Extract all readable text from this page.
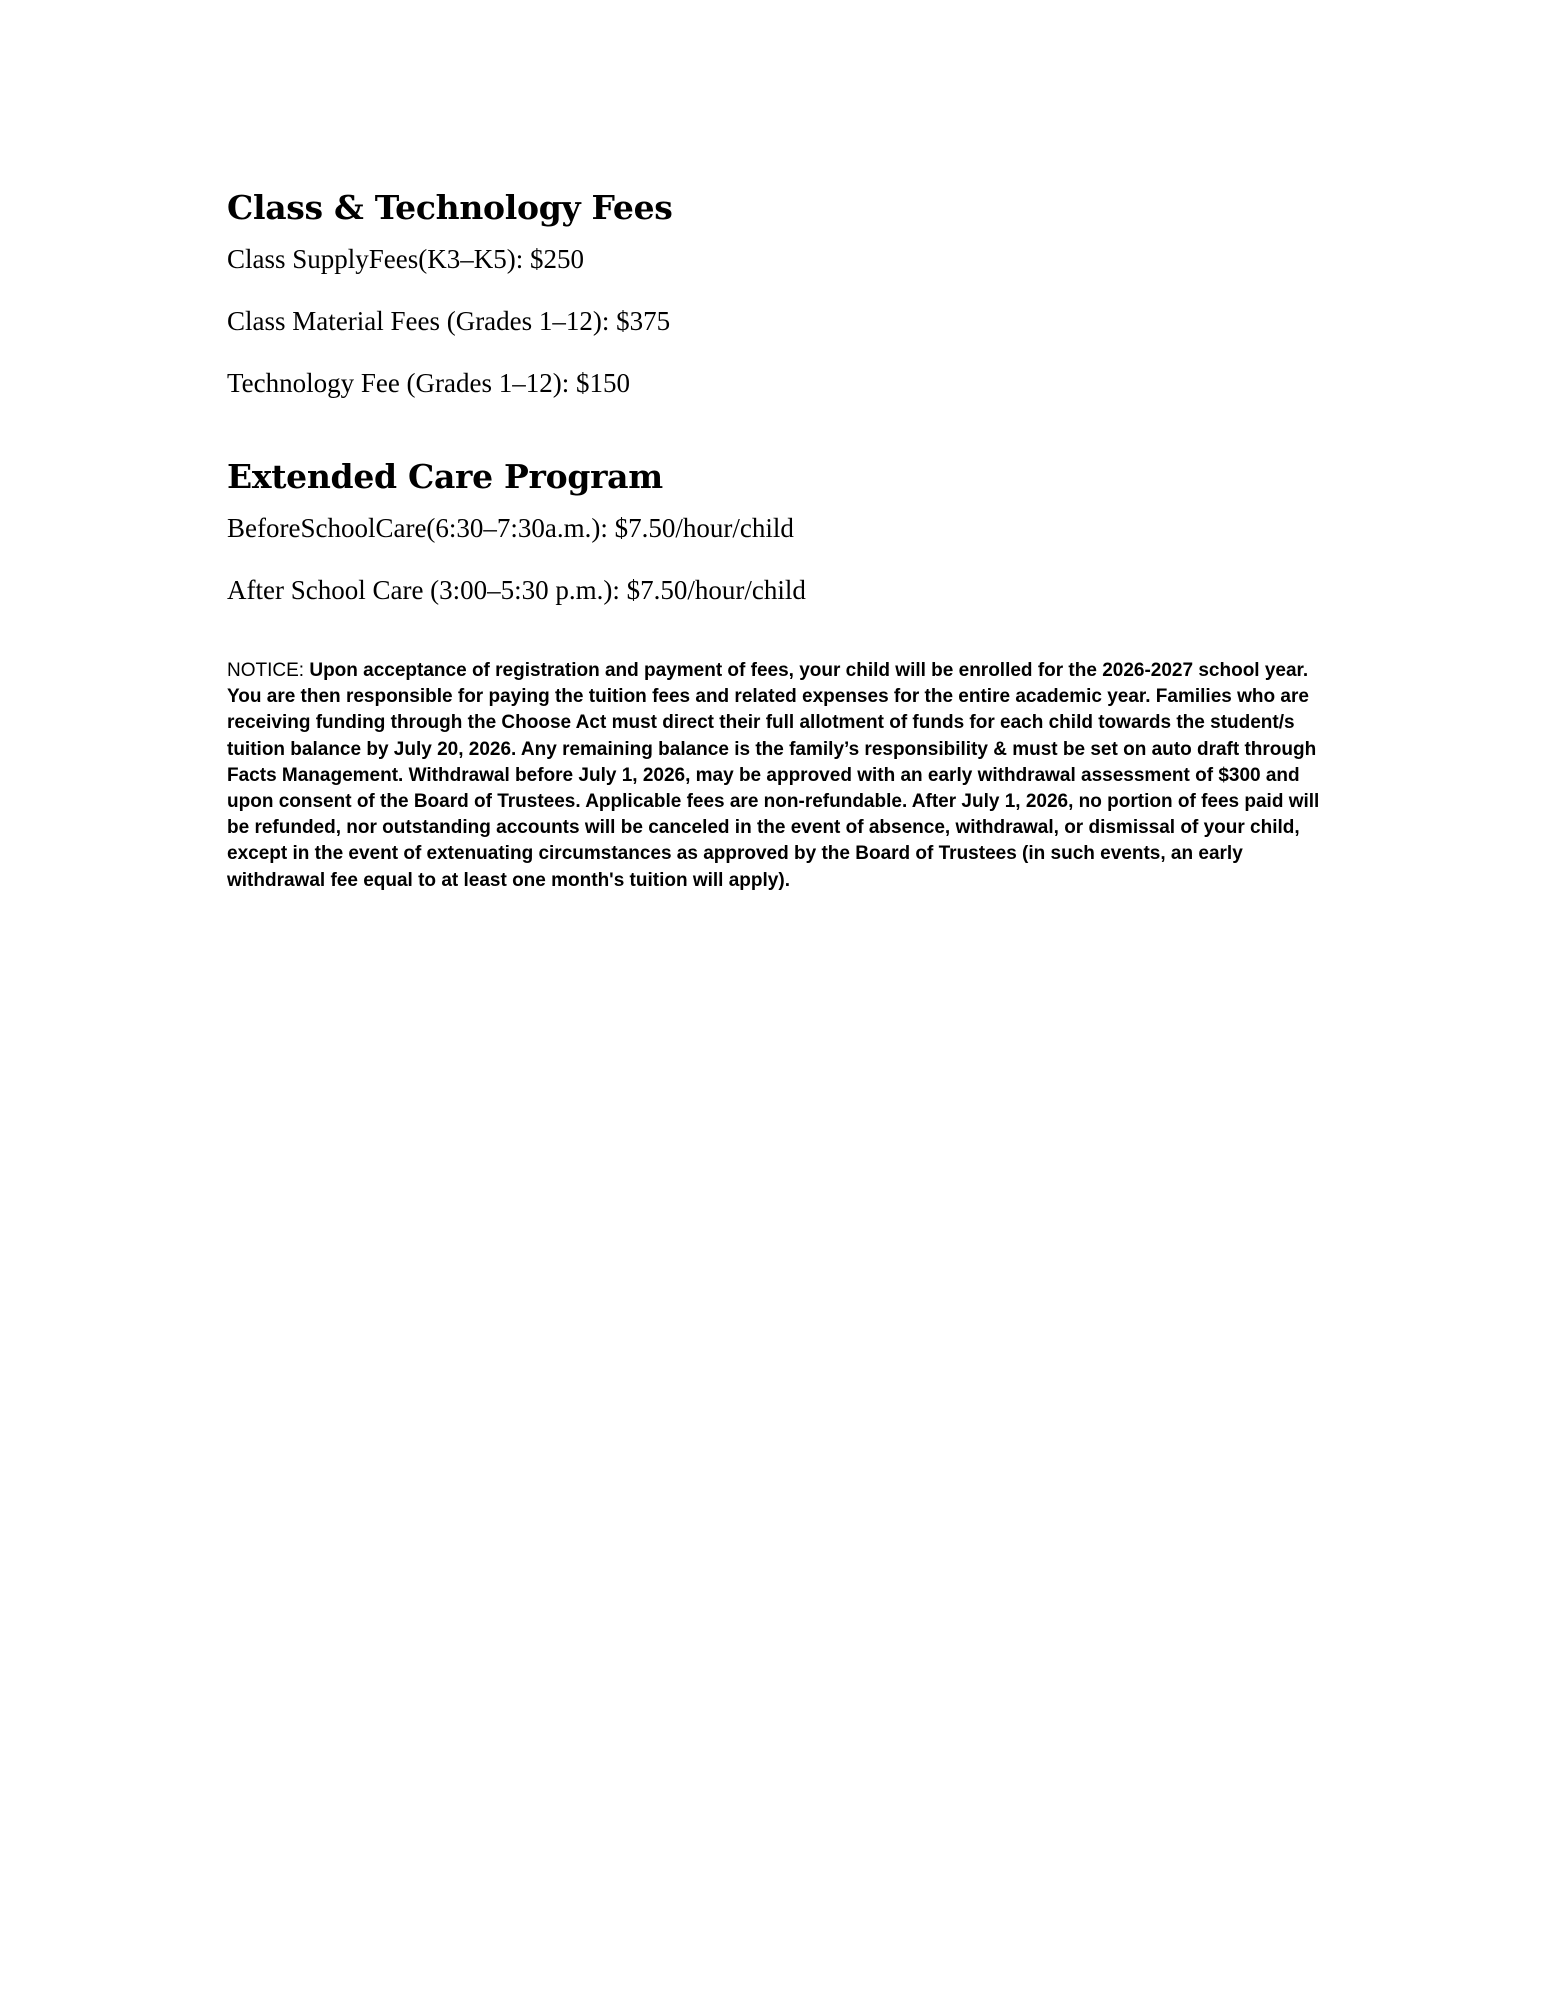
Class & Technology Fees

Class SupplyFees(K3–K5): $250

Class Material Fees (Grades 1–12): $375

Technology Fee (Grades 1–12): $150

Extended Care Program

BeforeSchoolCare(6:30–7:30a.m.): $7.50/hour/child

After School Care (3:00–5:30 p.m.): $7.50/hour/child

NOTICE: Upon acceptance of registration and payment of fees, your child will be enrolled for the 2026-2027 school year. You are then responsible for paying the tuition fees and related expenses for the entire academic year. Families who are receiving funding through the Choose Act must direct their full allotment of funds for each child towards the student/s tuition balance by July 20, 2026. Any remaining balance is the family’s responsibility & must be set on auto draft through Facts Management. Withdrawal before July 1, 2026, may be approved with an early withdrawal assessment of $300 and upon consent of the Board of Trustees. Applicable fees are non-refundable. After July 1, 2026, no portion of fees paid will be refunded, nor outstanding accounts will be canceled in the event of absence, withdrawal, or dismissal of your child, except in the event of extenuating circumstances as approved by the Board of Trustees (in such events, an early withdrawal fee equal to at least one month's tuition will apply).
